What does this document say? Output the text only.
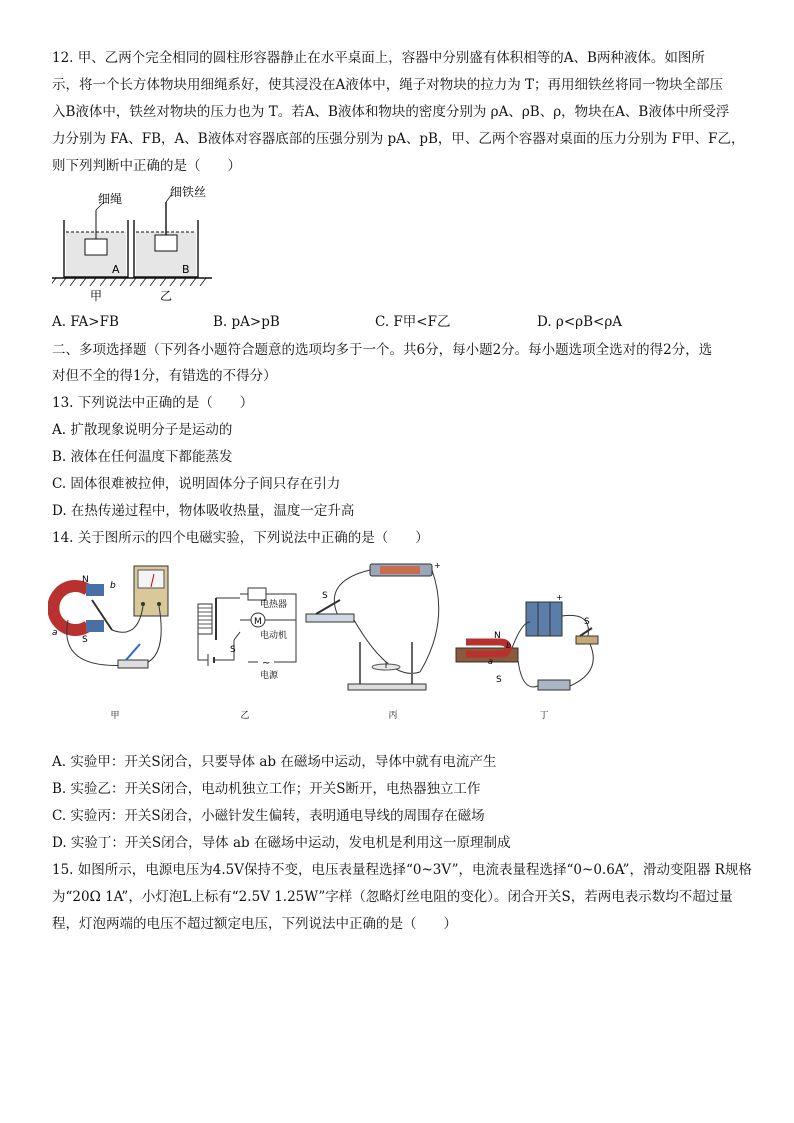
12. 甲、乙两个完全相同的圆柱形容器静止在水平桌面上，容器中分别盛有体积相等的A、B两种液体。如图所
示，将一个长方体物块用细绳系好，使其浸没在A液体中，绳子对物块的拉力为 T；再用细铁丝将同一物块全部压
入B液体中，铁丝对物块的压力也为 T。若A、B液体和物块的密度分别为 ρA、ρB、ρ，物块在A、B液体中所受浮
力分别为 FA、FB，A、B液体对容器底部的压强分别为 pA、pB，甲、乙两个容器对桌面的压力分别为 F甲、F乙，
则下列判断中正确的是（　　）
细绳	细铁丝
A	B
甲	乙
A. FA>FB	B. pA>pB	C. F甲<F乙	D. ρ<ρB<ρA
二、多项选择题（下列各小题符合题意的选项均多于一个。共6分，每小题2分。每小题选项全选对的得2分，选
对但不全的得1分，有错选的不得分）
13. 下列说法中正确的是（　　）
A. 扩散现象说明分子是运动的
B. 液体在任何温度下都能蒸发
C. 固体很难被拉伸，说明固体分子间只存在引力
D. 在热传递过程中，物体吸收热量，温度一定升高
14. 关于图所示的四个电磁实验，下列说法中正确的是（　　）
N
S
b
a
甲
电热器
M
电动机
S
~
电源
乙
+
S
丙
+
N
S
b
a
S
丁
A. 实验甲：开关S闭合，只要导体 ab 在磁场中运动，导体中就有电流产生
B. 实验乙：开关S闭合，电动机独立工作；开关S断开，电热器独立工作
C. 实验丙：开关S闭合，小磁针发生偏转，表明通电导线的周围存在磁场
D. 实验丁：开关S闭合，导体 ab 在磁场中运动，发电机是利用这一原理制成
15. 如图所示，电源电压为4.5V保持不变，电压表量程选择“0~3V”，电流表量程选择“0~0.6A”，滑动变阻器 R规格
为“20Ω 1A”，小灯泡L上标有“2.5V 1.25W”字样（忽略灯丝电阻的变化）。闭合开关S，若两电表示数均不超过量
程，灯泡两端的电压不超过额定电压，下列说法中正确的是（　　）
